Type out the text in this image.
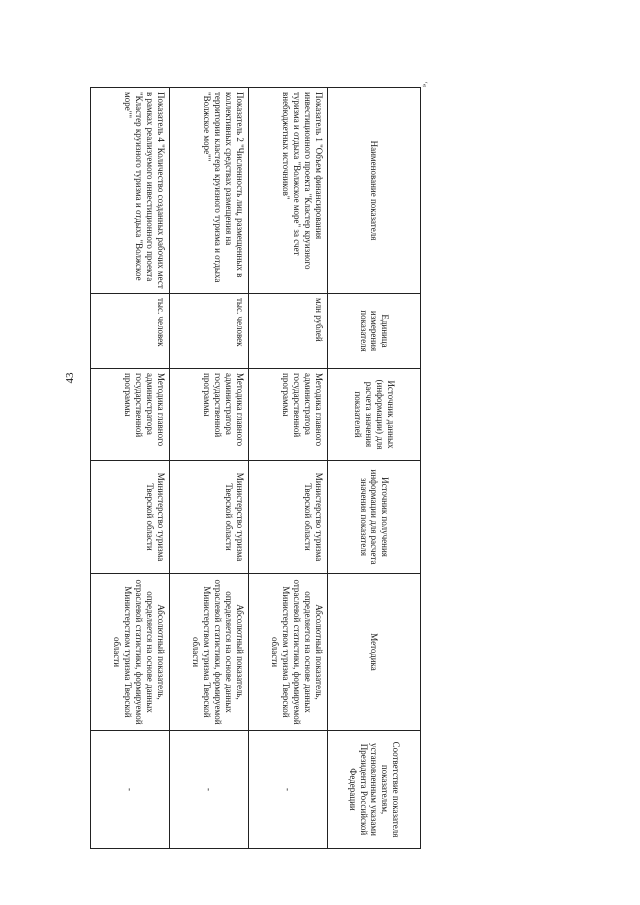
43
»,
Наименование показателя	Единица измерения показателя	Источник данных (информации) для расчета значения показателей	Источник получения информации для расчета значения показателя	Методика	Соответствие показателя показателям, установленным указами Президента Российской Федерации
Показатель 1 "Объем финансирования инвестиционного проекта "Кластер круизного туризма и отдыха "Волжское море" за счет внебюджетных источников"	млн рублей	Методика главного администратора государственной программы	Министерство туризма Тверской области	Абсолютный показатель, определяется на основе данных отраслевой статистики, формируемой Министерством туризма Тверской области	-
Показатель 2 "Численность лиц, размещенных в коллективных средствах размещения на территории кластера круизного туризма и отдыха "Волжское море""	тыс. человек	Методика главного администратора государственной программы	Министерство туризма Тверской области	Абсолютный показатель, определяется на основе данных отраслевой статистики, формируемой Министерством туризма Тверской области	-
Показатель 4 "Количество созданных рабочих мест в рамках реализуемого инвестиционного проекта "Кластер круизного туризма и отдыха "Волжское море""	тыс. человек	Методика главного администратора государственной программы	Министерство туризма Тверской области	Абсолютный показатель, определяется на основе данных отраслевой статистики, формируемой Министерством туризма Тверской области	-
